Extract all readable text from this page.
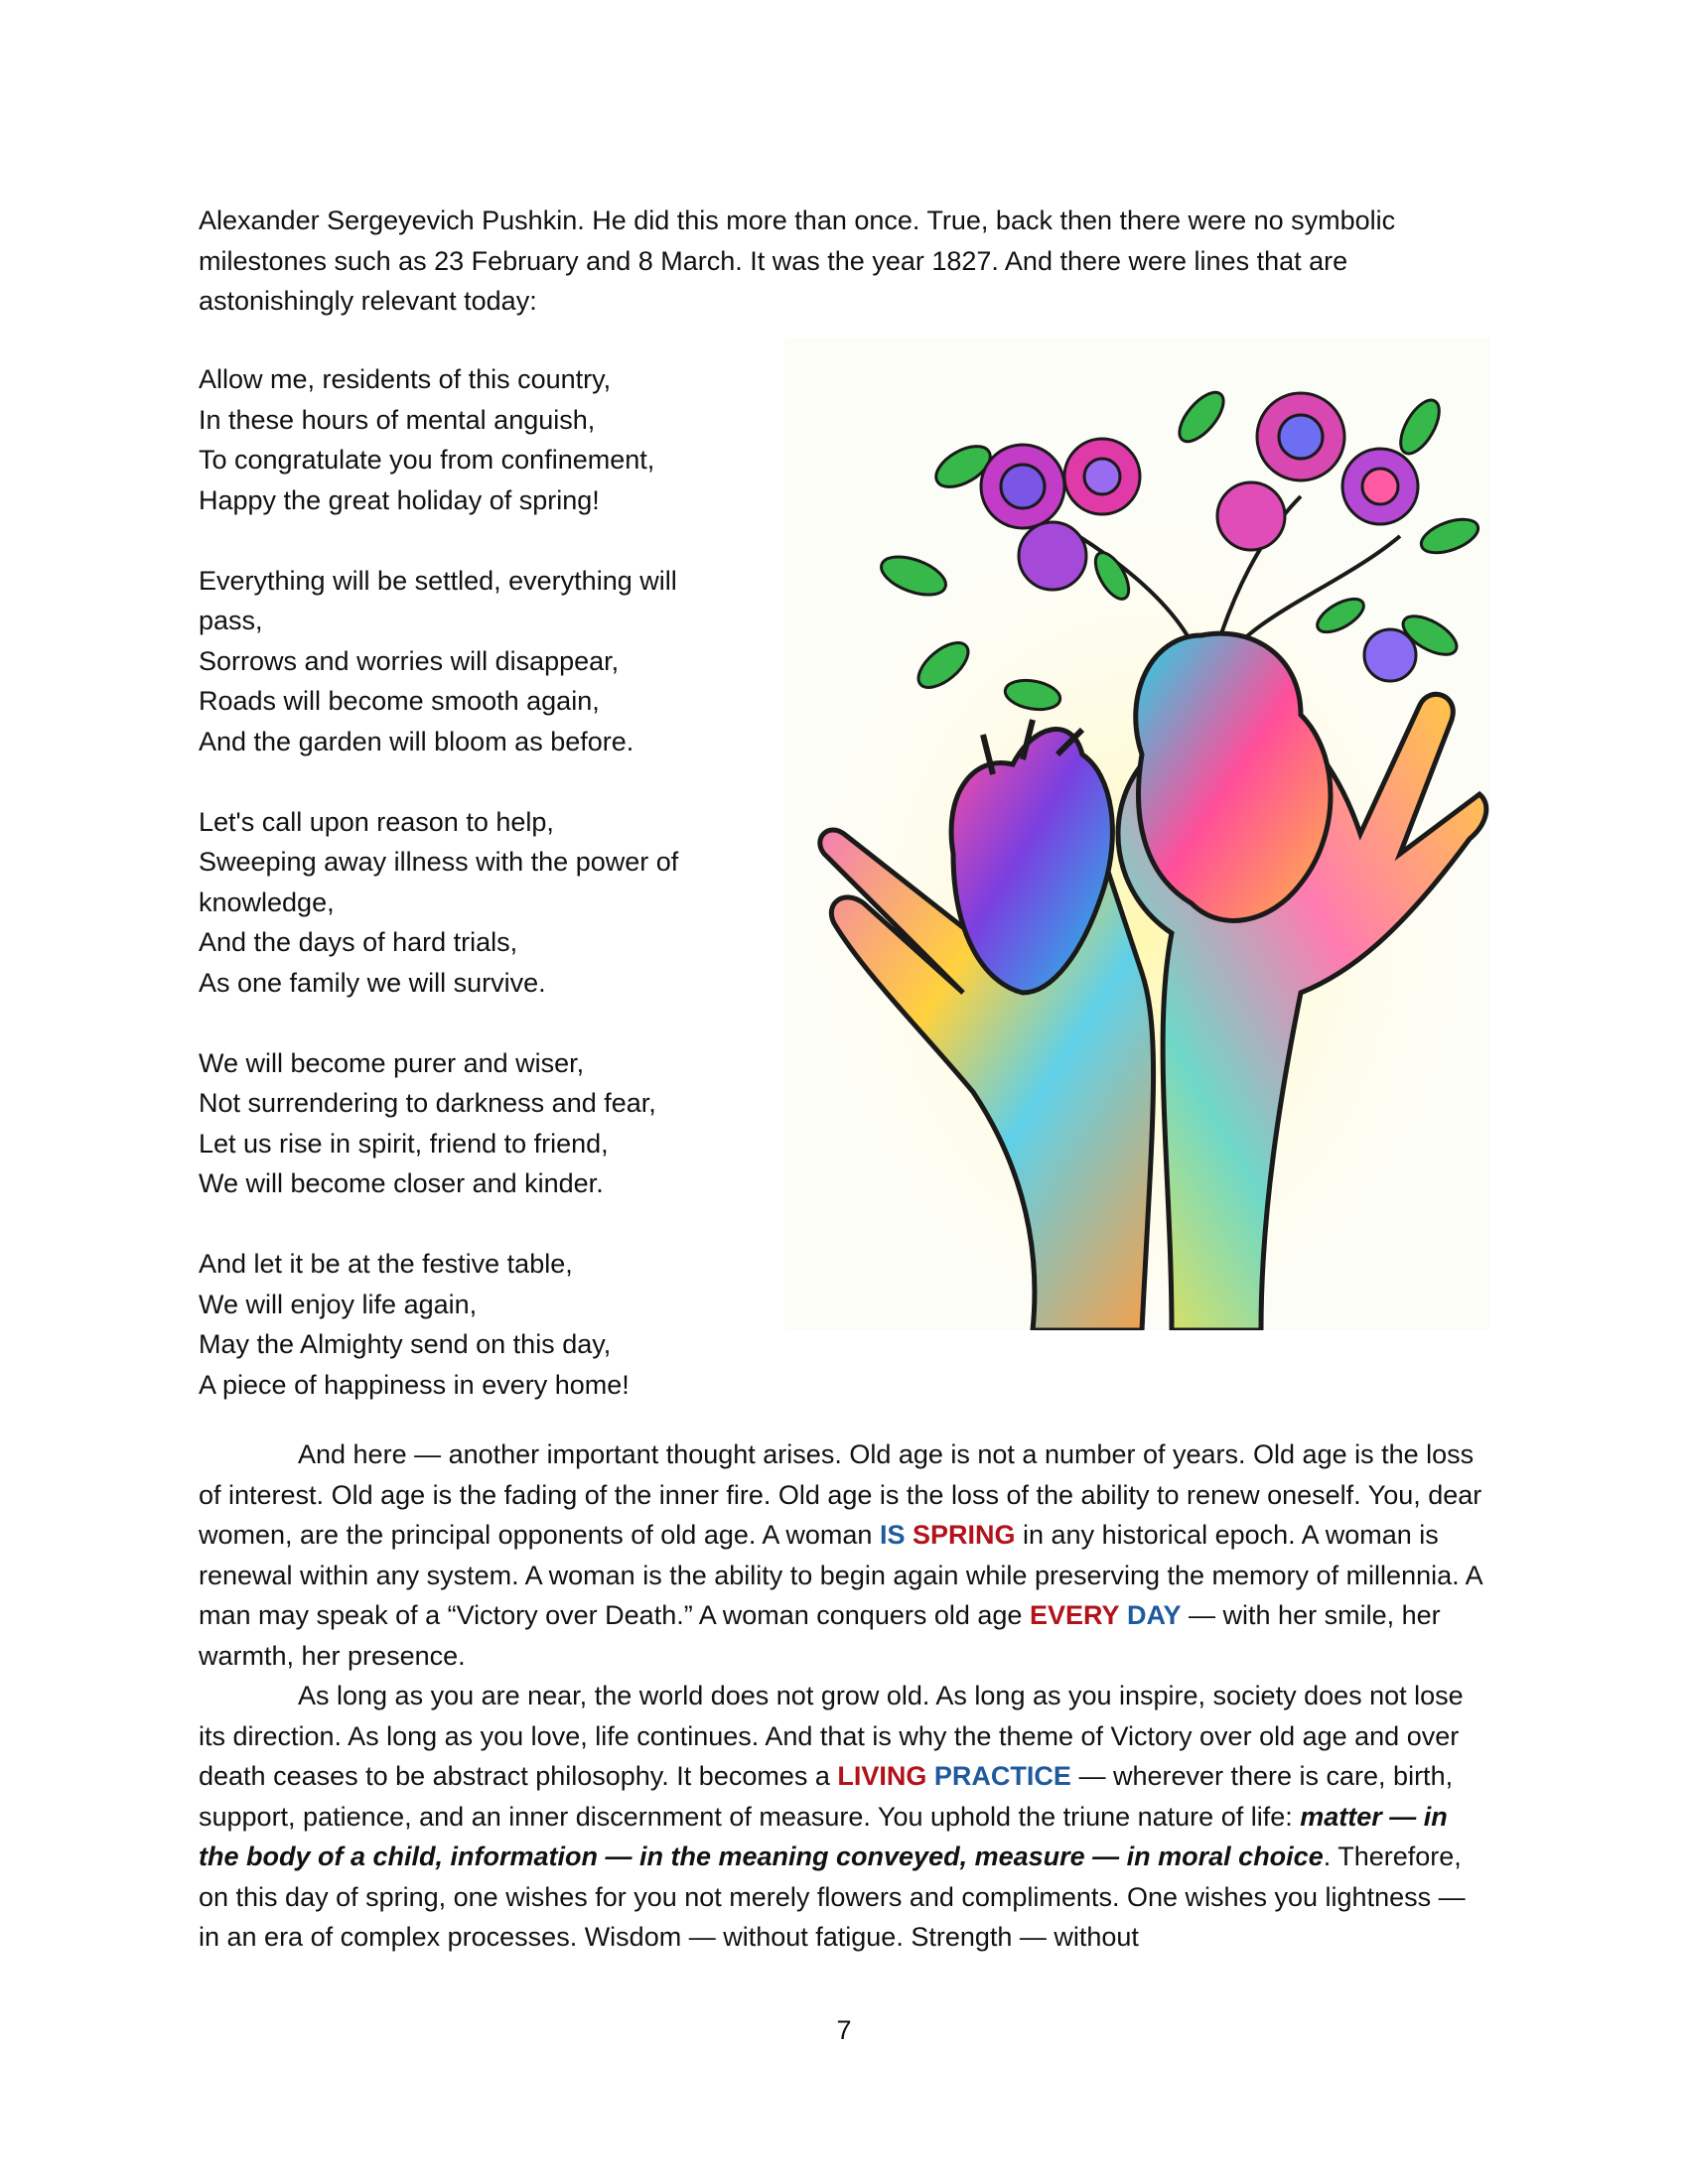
Alexander Sergeyevich Pushkin. He did this more than once. True, back then there were no symbolic milestones such as 23 February and 8 March. It was the year 1827. And there were lines that are astonishingly relevant today:

Allow me, residents of this country,
In these hours of mental anguish,
To congratulate you from confinement,
Happy the great holiday of spring!
Everything will be settled, everything will pass,
Sorrows and worries will disappear,
Roads will become smooth again,
And the garden will bloom as before.
Let's call upon reason to help,
Sweeping away illness with the power of knowledge,
And the days of hard trials,
As one family we will survive.
We will become purer and wiser,
Not surrendering to darkness and fear,
Let us rise in spirit, friend to friend,
We will become closer and kinder.
And let it be at the festive table,
We will enjoy life again,
May the Almighty send on this day,
A piece of happiness in every home!

And here — another important thought arises. Old age is not a number of years. Old age is the loss of interest. Old age is the fading of the inner fire. Old age is the loss of the ability to renew oneself. You, dear women, are the principal opponents of old age. A woman IS SPRING in any historical epoch. A woman is renewal within any system. A woman is the ability to begin again while preserving the memory of millennia. A man may speak of a “Victory over Death.” A woman conquers old age EVERY DAY — with her smile, her warmth, her presence.

As long as you are near, the world does not grow old. As long as you inspire, society does not lose its direction. As long as you love, life continues. And that is why the theme of Victory over old age and over death ceases to be abstract philosophy. It becomes a LIVING PRACTICE — wherever there is care, birth, support, patience, and an inner discernment of measure. You uphold the triune nature of life: matter — in the body of a child, information — in the meaning conveyed, measure — in moral choice. Therefore, on this day of spring, one wishes for you not merely flowers and compliments. One wishes you lightness — in an era of complex processes. Wisdom — without fatigue. Strength — without

7
